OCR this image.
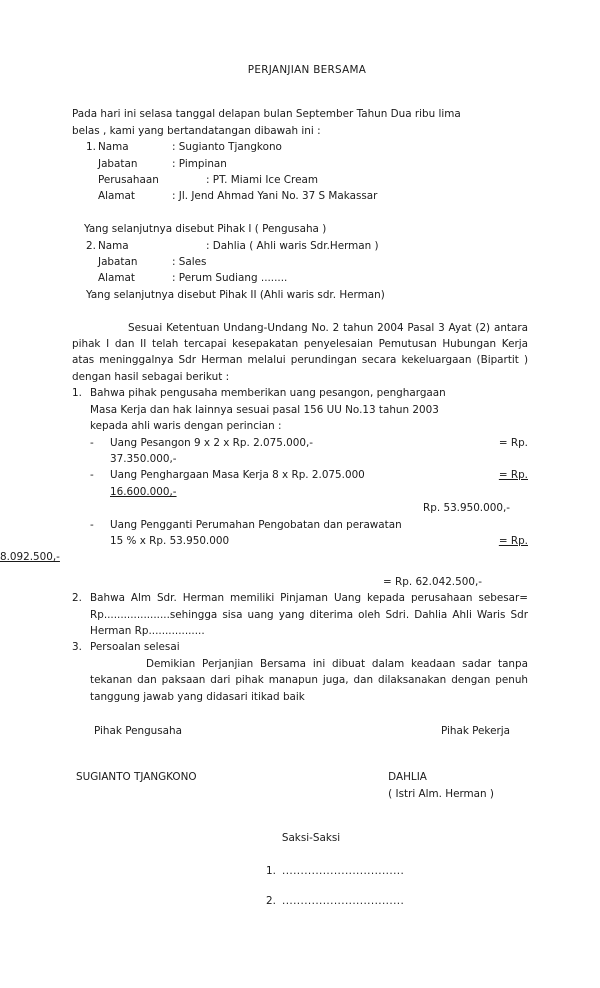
PERJANJIAN BERSAMA
Pada hari ini selasa tanggal delapan bulan September Tahun Dua ribu lima
belas , kami yang bertandatangan dibawah ini :
1. Nama	: Sugianto Tjangkono
Jabatan	: Pimpinan
Perusahaan	: PT. Miami Ice Cream
Alamat	: Jl. Jend Ahmad Yani No. 37 S Makassar
Yang selanjutnya disebut Pihak I ( Pengusaha )
2. Nama	: Dahlia ( Ahli waris Sdr.Herman )
Jabatan	: Sales
Alamat	: Perum Sudiang ........
Yang selanjutnya disebut Pihak II (Ahli waris sdr. Herman)
Sesuai Ketentuan Undang-Undang No. 2 tahun 2004 Pasal 3 Ayat (2) antara pihak I dan II telah tercapai kesepakatan penyelesaian Pemutusan Hubungan Kerja atas meninggalnya Sdr Herman melalui perundingan secara kekeluargaan (Bipartit ) dengan hasil sebagai berikut :
1. Bahwa pihak pengusaha memberikan uang pesangon, penghargaan
Masa Kerja dan hak lainnya sesuai pasal 156 UU No.13 tahun 2003
kepada ahli waris dengan perincian :
-	Uang Pesangon 9 x 2 x Rp. 2.075.000,-	= Rp.
37.350.000,-
-	Uang Penghargaan Masa Kerja 8 x Rp. 2.075.000	= Rp.
16.600.000,-
Rp. 53.950.000,-
-	Uang Pengganti Perumahan Pengobatan dan perawatan
15 % x Rp. 53.950.000	= Rp.
8.092.500,-
= Rp. 62.042.500,-
2. Bahwa Alm Sdr. Herman memiliki Pinjaman Uang kepada perusahaan sebesar= Rp....................sehingga sisa uang yang diterima oleh Sdri. Dahlia Ahli Waris Sdr Herman Rp.................
3. Persoalan selesai
Demikian Perjanjian Bersama ini dibuat dalam keadaan sadar tanpa tekanan dan paksaan dari pihak manapun juga, dan dilaksanakan dengan penuh tanggung jawab yang didasari itikad baik
Pihak Pengusaha	Pihak Pekerja
SUGIANTO TJANGKONO	DAHLIA
( Istri Alm. Herman )
Saksi-Saksi
1. .................................
2. .................................
